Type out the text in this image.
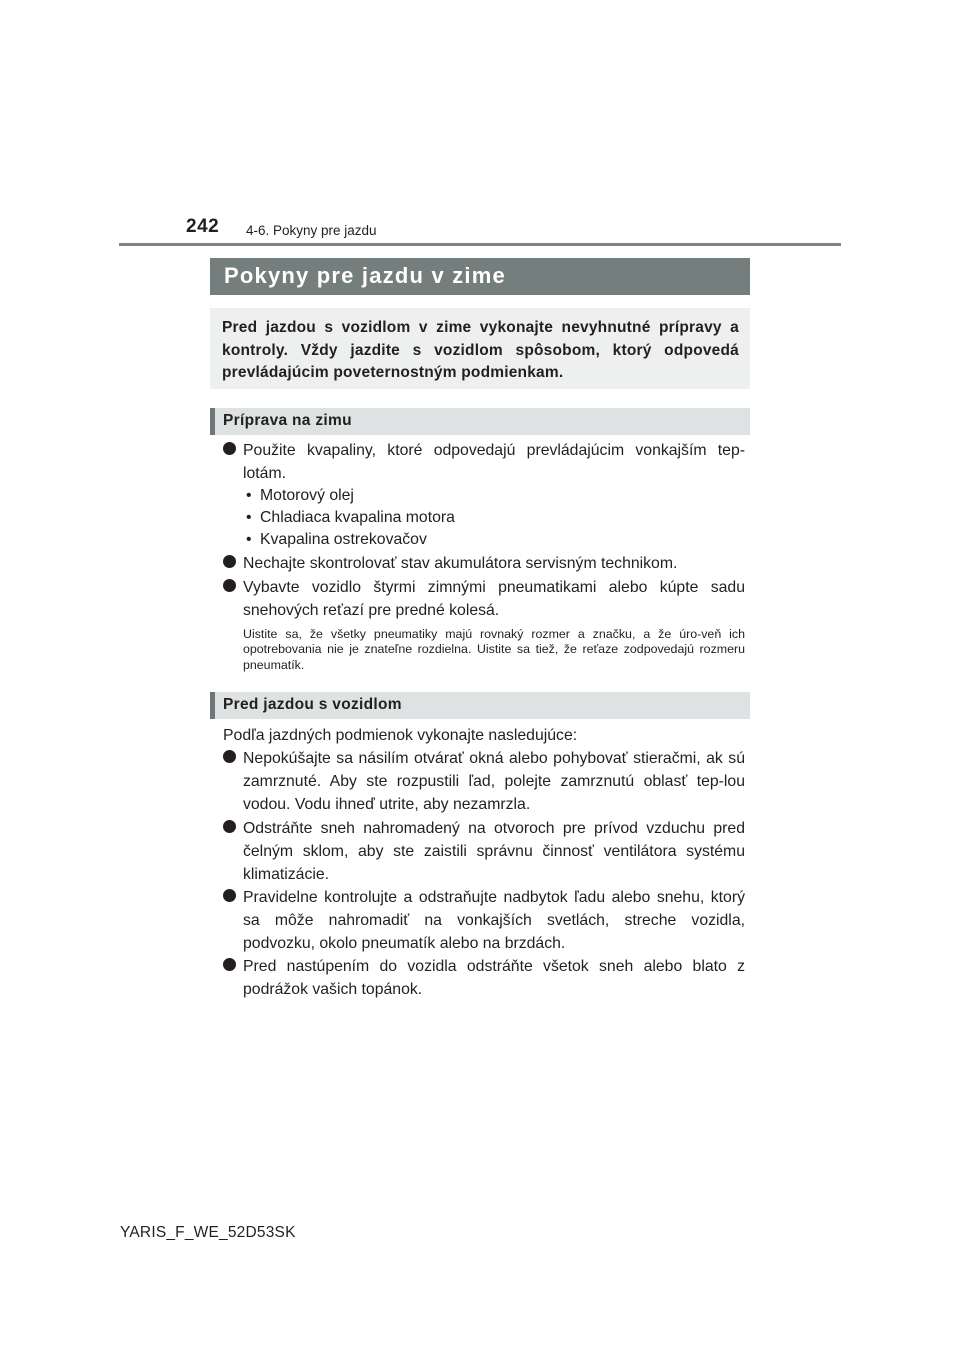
242 4-6. Pokyny pre jazdu
Pokyny pre jazdu v zime

Pred jazdou s vozidlom v zime vykonajte nevyhnutné prípravy a kontroly. Vždy jazdite s vozidlom spôsobom, ktorý odpovedá prevládajúcim poveternostným podmienkam.

Príprava na zimu
Použite kvapaliny, ktoré odpovedajú prevládajúcim vonkajším tep-lotám.
• Motorový olej
• Chladiaca kvapalina motora
• Kvapalina ostrekovačov
Nechajte skontrolovať stav akumulátora servisným technikom.
Vybavte vozidlo štyrmi zimnými pneumatikami alebo kúpte sadu snehových reťazí pre predné kolesá.
Uistite sa, že všetky pneumatiky majú rovnaký rozmer a značku, a že úro-veň ich opotrebovania nie je znateľne rozdielna. Uistite sa tiež, že reťaze zodpovedajú rozmeru pneumatík.
Pred jazdou s vozidlom
Podľa jazdných podmienok vykonajte nasledujúce:
Nepokúšajte sa násilím otvárať okná alebo pohybovať stieračmi, ak sú zamrznuté. Aby ste rozpustili ľad, polejte zamrznutú oblasť tep-lou vodou. Vodu ihneď utrite, aby nezamrzla.
Odstráňte sneh nahromadený na otvoroch pre prívod vzduchu pred čelným sklom, aby ste zaistili správnu činnosť ventilátora systému klimatizácie.
Pravidelne kontrolujte a odstraňujte nadbytok ľadu alebo snehu, ktorý sa môže nahromadiť na vonkajších svetlách, streche vozidla, podvozku, okolo pneumatík alebo na brzdách.
Pred nastúpením do vozidla odstráňte všetok sneh alebo blato z podrážok vašich topánok.
YARIS_F_WE_52D53SK
